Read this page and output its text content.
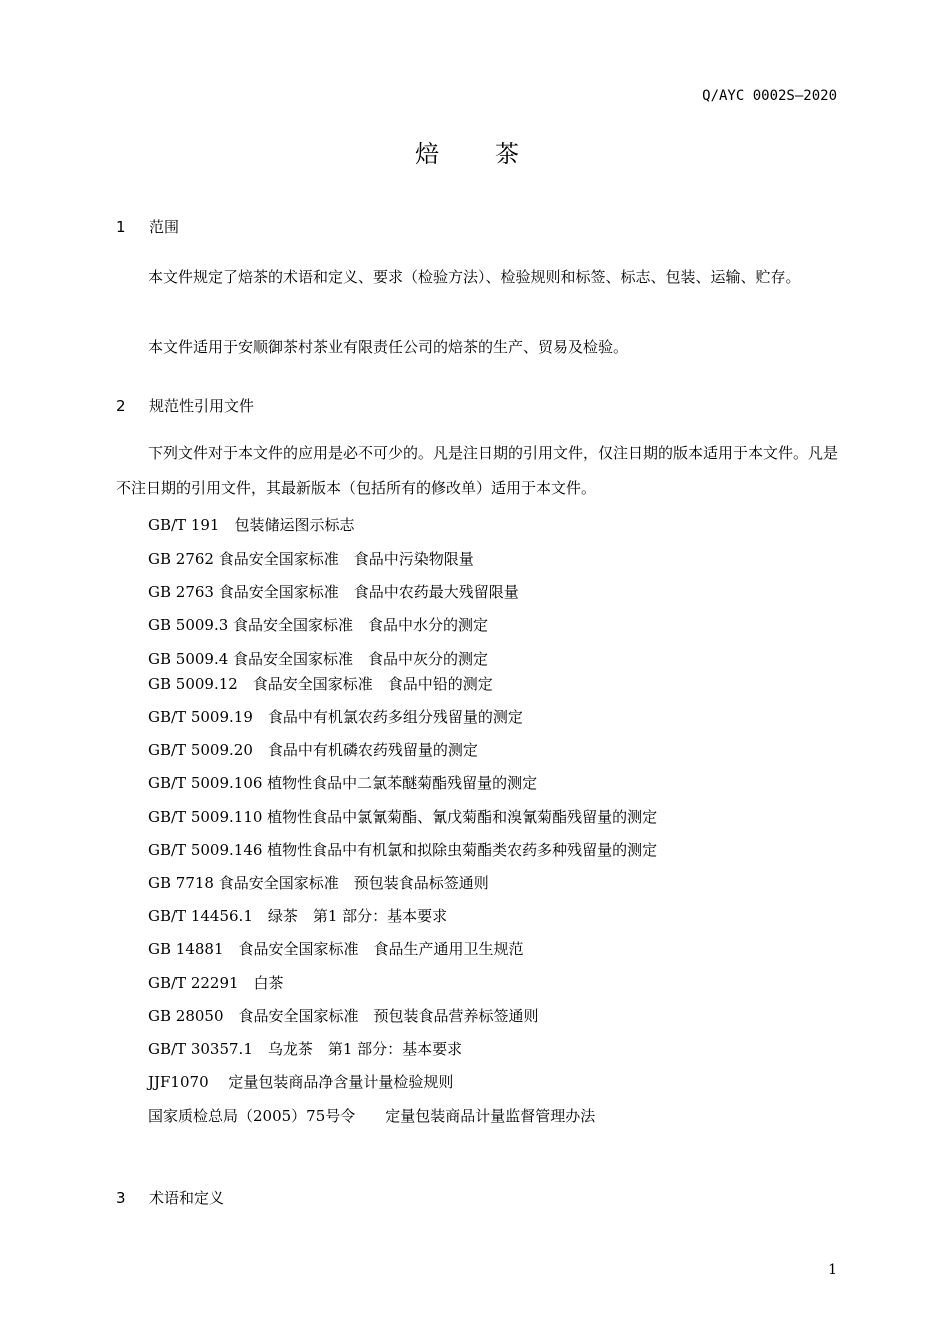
Q/AYC 0002S—2020
焙　茶
1 范围
本文件规定了焙茶的术语和定义、要求（检验方法）、检验规则和标签、标志、包装、运输、贮存。
本文件适用于安顺御茶村茶业有限责任公司的焙茶的生产、贸易及检验。
2 规范性引用文件
下列文件对于本文件的应用是必不可少的。凡是注日期的引用文件，仅注日期的版本适用于本文件。凡是不注日期的引用文件，其最新版本（包括所有的修改单）适用于本文件。
GB/T 191　包装储运图示标志
GB 2762 食品安全国家标准　食品中污染物限量
GB 2763 食品安全国家标准　食品中农药最大残留限量
GB 5009.3 食品安全国家标准　食品中水分的测定
GB 5009.4 食品安全国家标准　食品中灰分的测定
GB 5009.12　食品安全国家标准　食品中铅的测定
GB/T 5009.19　食品中有机氯农药多组分残留量的测定
GB/T 5009.20　食品中有机磷农药残留量的测定
GB/T 5009.106 植物性食品中二氯苯醚菊酯残留量的测定
GB/T 5009.110 植物性食品中氯氰菊酯、氰戊菊酯和溴氰菊酯残留量的测定
GB/T 5009.146 植物性食品中有机氯和拟除虫菊酯类农药多种残留量的测定
GB 7718 食品安全国家标准　预包装食品标签通则
GB/T 14456.1　绿茶　第1 部分：基本要求
GB 14881　食品安全国家标准　食品生产通用卫生规范
GB/T 22291　白茶
GB 28050　食品安全国家标准　预包装食品营养标签通则
GB/T 30357.1　乌龙茶　第1 部分：基本要求
JJF1070　 定量包装商品净含量计量检验规则
国家质检总局（2005）75号令　　定量包装商品计量监督管理办法
3 术语和定义
1
